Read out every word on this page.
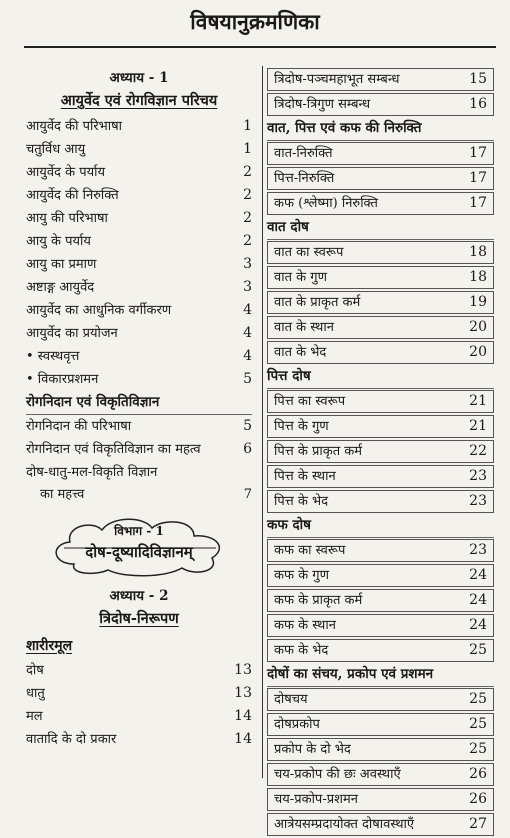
विषयानुक्रमणिका
अध्याय - 1
आयुर्वेद एवं रोगविज्ञान परिचय
आयुर्वेद की परिभाषा	1
चतुर्विध आयु	1
आयुर्वेद के पर्याय	2
आयुर्वेद की निरुक्ति	2
आयु की परिभाषा	2
आयु के पर्याय	2
आयु का प्रमाण	3
अष्टाङ्ग आयुर्वेद	3
आयुर्वेद का आधुनिक वर्गीकरण	4
आयुर्वेद का प्रयोजन	4
• स्वस्थवृत्त	4
• विकारप्रशमन	5
रोगनिदान एवं विकृतिविज्ञान
रोगनिदान की परिभाषा	5
रोगनिदान एवं विकृतिविज्ञान का महत्व	6
दोष-धातु-मल-विकृति विज्ञान
का महत्त्व	7
विभाग - 1
दोष-दूष्यादिविज्ञानम्
अध्याय - 2
त्रिदोष-निरूपण
शारीरमूल
दोष	13
धातु	13
मल	14
वातादि के दो प्रकार	14
त्रिदोष-पञ्चमहाभूत सम्बन्ध	15
त्रिदोष-त्रिगुण सम्बन्ध	16
वात, पित्त एवं कफ की निरुक्ति
वात-निरुक्ति	17
पित्त-निरुक्ति	17
कफ (श्लेष्मा) निरुक्ति	17
वात दोष
वात का स्वरूप	18
वात के गुण	18
वात के प्राकृत कर्म	19
वात के स्थान	20
वात के भेद	20
पित्त दोष
पित्त का स्वरूप	21
पित्त के गुण	21
पित्त के प्राकृत कर्म	22
पित्त के स्थान	23
पित्त के भेद	23
कफ दोष
कफ का स्वरूप	23
कफ के गुण	24
कफ के प्राकृत कर्म	24
कफ के स्थान	24
कफ के भेद	25
दोषों का संचय, प्रकोप एवं प्रशमन
दोषचय	25
दोषप्रकोप	25
प्रकोप के दो भेद	25
चय-प्रकोप की छः अवस्थाएँ	26
चय-प्रकोप-प्रशमन	26
आत्रेयसम्प्रदायोक्त दोषावस्थाएँ	27
